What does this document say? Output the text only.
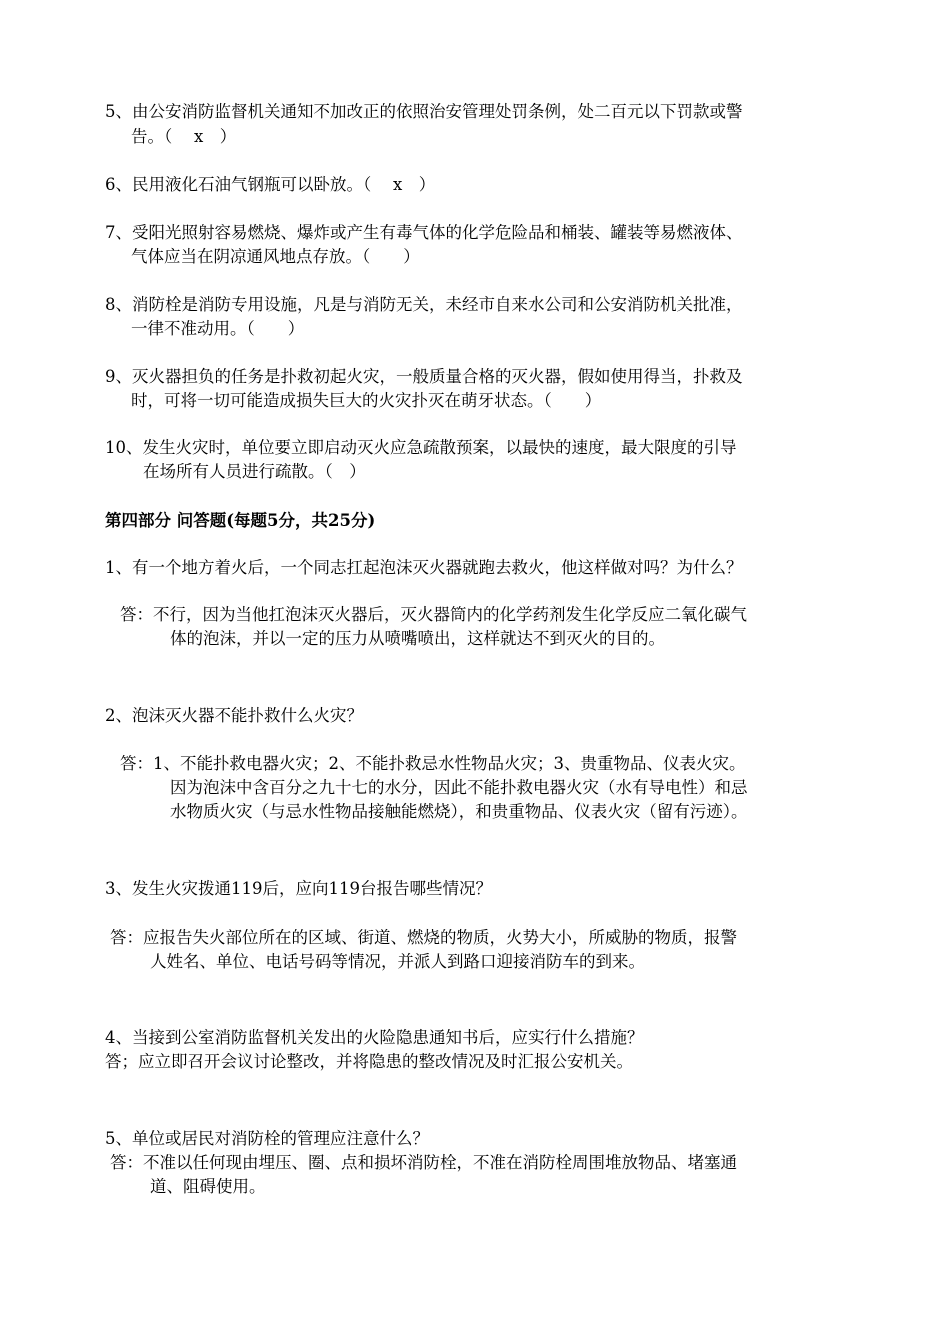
5、由公安消防监督机关通知不加改正的依照治安管理处罚条例，处二百元以下罚款或警
告。（　 x　）
6、民用液化石油气钢瓶可以卧放。（　 x　）
7、受阳光照射容易燃烧、爆炸或产生有毒气体的化学危险品和桶装、罐装等易燃液体、
气体应当在阴凉通风地点存放。（　　）
8、消防栓是消防专用设施，凡是与消防无关，未经市自来水公司和公安消防机关批准，
一律不准动用。（　　）
9、灭火器担负的任务是扑救初起火灾，一般质量合格的灭火器，假如使用得当，扑救及
时，可将一切可能造成损失巨大的火灾扑灭在萌牙状态。（　　）
10、发生火灾时，单位要立即启动灭火应急疏散预案，以最快的速度，最大限度的引导
在场所有人员进行疏散。（　）
第四部分 问答题(每题5分，共25分)
1、有一个地方着火后，一个同志扛起泡沫灭火器就跑去救火，他这样做对吗？为什么？
答：不行，因为当他扛泡沫灭火器后，灭火器筒内的化学药剂发生化学反应二氧化碳气
体的泡沫，并以一定的压力从喷嘴喷出，这样就达不到灭火的目的。
2、泡沫灭火器不能扑救什么火灾？
答：1、不能扑救电器火灾；2、不能扑救忌水性物品火灾；3、贵重物品、仪表火灾。
因为泡沫中含百分之九十七的水分，因此不能扑救电器火灾（水有导电性）和忌
水物质火灾（与忌水性物品接触能燃烧），和贵重物品、仪表火灾（留有污迹）。
3、发生火灾拨通119后，应向119台报告哪些情况？
答：应报告失火部位所在的区域、街道、燃烧的物质，火势大小，所威胁的物质，报警
人姓名、单位、电话号码等情况，并派人到路口迎接消防车的到来。
4、当接到公室消防监督机关发出的火险隐患通知书后，应实行什么措施？
答；应立即召开会议讨论整改，并将隐患的整改情况及时汇报公安机关。
5、单位或居民对消防栓的管理应注意什么？
答：不准以任何现由埋压、圈、点和损坏消防栓，不准在消防栓周围堆放物品、堵塞通
道、阻碍使用。
